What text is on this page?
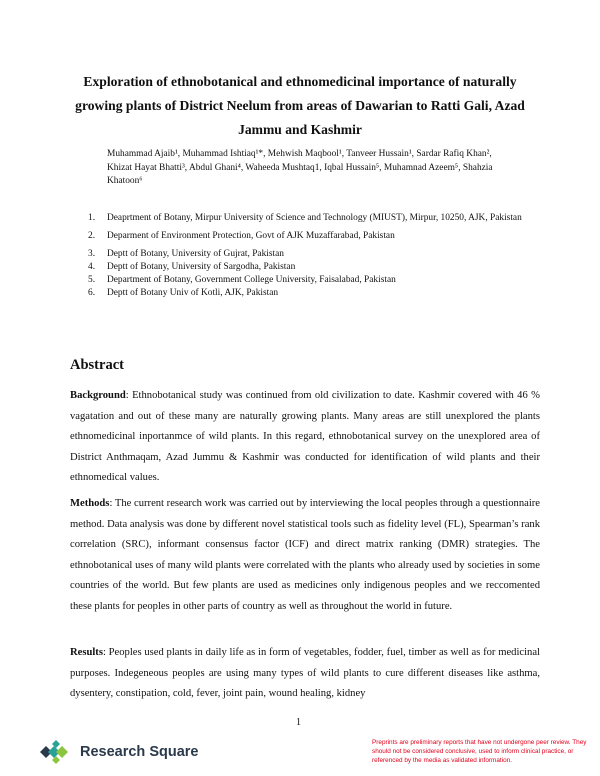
Exploration of ethnobotanical and ethnomedicinal importance of naturally growing plants of District Neelum from areas of Dawarian to Ratti Gali, Azad Jammu and Kashmir
Muhammad Ajaib¹, Muhammad Ishtiaq¹*, Mehwish Maqbool¹, Tanveer Hussain¹, Sardar Rafiq Khan²,
Khizat Hayat Bhatti³, Abdul Ghani⁴, Waheeda Mushtaq1, Iqbal Hussain⁵, Muhamnad Azeem⁵, Shahzia
Khatoon⁶
1. Deaprtment of Botany, Mirpur University of Science and Technology (MIUST), Mirpur, 10250, AJK, Pakistan
2. Deparment of Environment Protection, Govt of AJK Muzaffarabad, Pakistan
3. Deptt of Botany, University of Gujrat, Pakistan
4. Deptt of Botany, University of Sargodha, Pakistan
5. Department of Botany, Government College University, Faisalabad, Pakistan
6. Deptt of Botany Univ of Kotli, AJK, Pakistan
Abstract
Background: Ethnobotanical study was continued from old civilization to date. Kashmir covered with 46 % vagatation and out of these many are naturally growing plants. Many areas are still unexplored the plants ethnomedicinal inportanmce of wild plants. In this regard, ethnobotanical survey on the unexplored area of District Anthmaqam, Azad Jummu & Kashmir was conducted for identification of wild plants and their ethnomedical values.
Methods: The current research work was carried out by interviewing the local peoples through a questionnaire method. Data analysis was done by different novel statistical tools such as fidelity level (FL), Spearman’s rank correlation (SRC), informant consensus factor (ICF) and direct matrix ranking (DMR) strategies. The ethnobotanical uses of many wild plants were correlated with the plants who already used by societies in some countries of the world. But few plants are used as medicines only indigenous peoples and we reccomented these plants for peoples in other parts of country as well as throughout the world in future.
Results: Peoples used plants in daily life as in form of vegetables, fodder, fuel, timber as well as for medicinal purposes. Indegeneous peoples are using many types of wild plants to cure different diseases like asthma, dysentery, constipation, cold, fever, joint pain, wound healing, kidney
1
Research Square
Preprints are preliminary reports that have not undergone peer review. They should not be considered conclusive, used to inform clinical practice, or referenced by the media as validated information.
